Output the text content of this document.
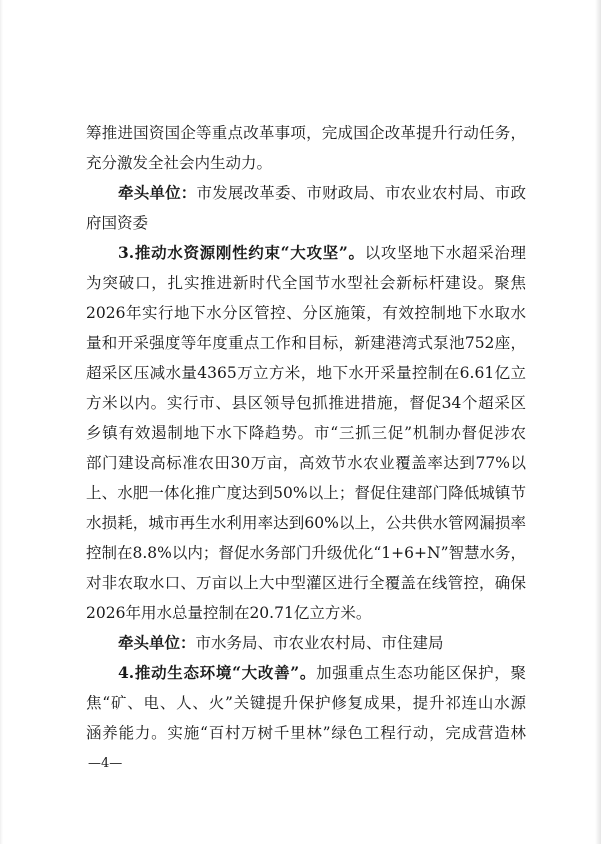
筹推进国资国企等重点改革事项，完成国企改革提升行动任务，
充分激发全社会内生动力。
牵头单位：市发展改革委、市财政局、市农业农村局、市政
府国资委
3.推动水资源刚性约束“大攻坚”。以攻坚地下水超采治理
为突破口，扎实推进新时代全国节水型社会新标杆建设。聚焦
2026年实行地下水分区管控、分区施策，有效控制地下水取水
量和开采强度等年度重点工作和目标，新建港湾式泵池752座，
超采区压减水量4365万立方米，地下水开采量控制在6.61亿立
方米以内。实行市、县区领导包抓推进措施，督促34个超采区
乡镇有效遏制地下水下降趋势。市“三抓三促”机制办督促涉农
部门建设高标准农田30万亩，高效节水农业覆盖率达到77%以
上、水肥一体化推广度达到50%以上；督促住建部门降低城镇节
水损耗，城市再生水利用率达到60%以上，公共供水管网漏损率
控制在8.8%以内；督促水务部门升级优化“1+6+N”智慧水务，
对非农取水口、万亩以上大中型灌区进行全覆盖在线管控，确保
2026年用水总量控制在20.71亿立方米。
牵头单位：市水务局、市农业农村局、市住建局
4.推动生态环境“大改善”。加强重点生态功能区保护，聚
焦“矿、电、人、火”关键提升保护修复成果，提升祁连山水源
涵养能力。实施“百村万树千里林”绿色工程行动，完成营造林
—4—
